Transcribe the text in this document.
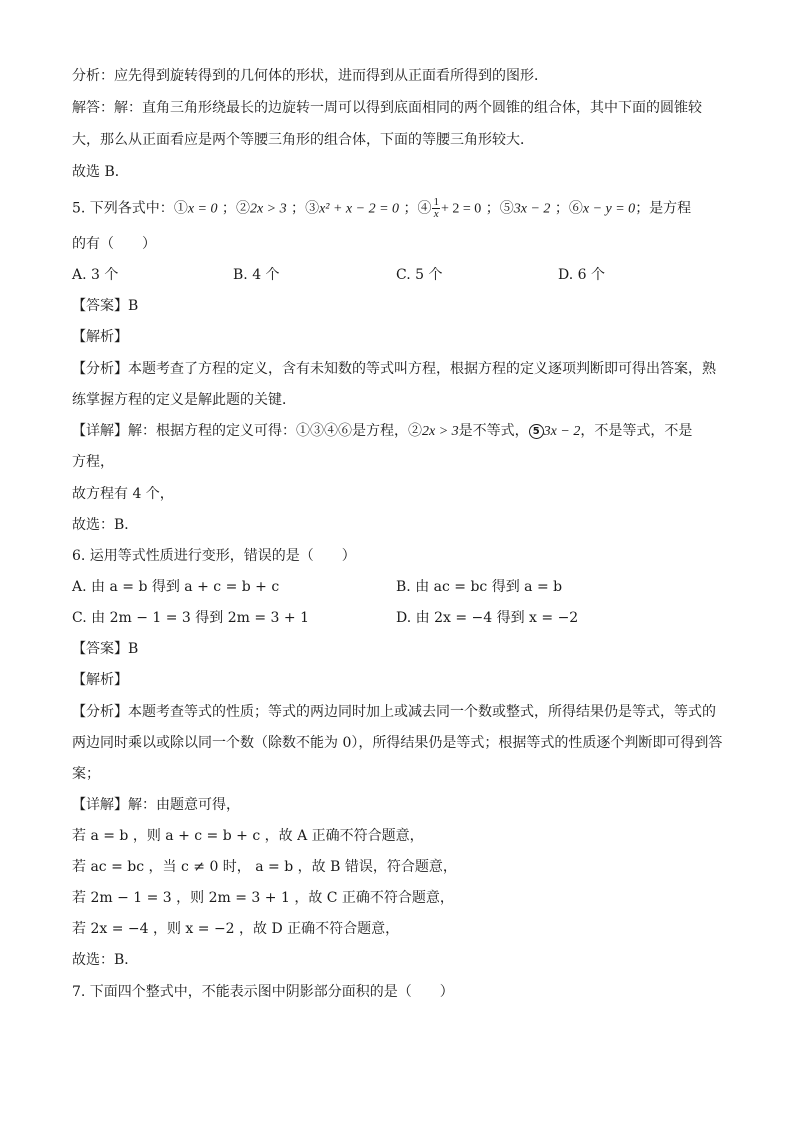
分析：应先得到旋转得到的几何体的形状，进而得到从正面看所得到的图形．
解答：解：直角三角形绕最长的边旋转一周可以得到底面相同的两个圆锥的组合体，其中下面的圆锥较
大，那么从正面看应是两个等腰三角形的组合体，下面的等腰三角形较大．
故选 B．
5. 下列各式中：①x = 0 ；②2x > 3 ；③x² + x − 2 = 0 ；④ $\frac{1}{x} + 2 = 0$ ；⑤3x − 2 ；⑥x − y = 0；是方程
的有（　　）
A. 3 个	B. 4 个	C. 5 个	D. 6 个
【答案】B
【解析】
【分析】本题考查了方程的定义，含有未知数的等式叫方程，根据方程的定义逐项判断即可得出答案，熟
练掌握方程的定义是解此题的关键．
【详解】解：根据方程的定义可得：①③④⑥是方程，②2x > 3是不等式， 5 3x − 2，不是等式，不是
方程，
故方程有 4 个，
故选：B．
6. 运用等式性质进行变形，错误的是（　　）
A. 由 a = b 得到 a + c = b + c	B. 由 ac = bc 得到 a = b
C. 由 2m − 1 = 3 得到 2m = 3 + 1	D. 由 2x = −4 得到 x = −2
【答案】B
【解析】
【分析】本题考查等式的性质；等式的两边同时加上或减去同一个数或整式，所得结果仍是等式，等式的
两边同时乘以或除以同一个数（除数不能为 0），所得结果仍是等式；根据等式的性质逐个判断即可得到答
案；
【详解】解：由题意可得，
若 a = b ，则 a + c = b + c ，故 A 正确不符合题意，
若 ac = bc ，当 c ≠ 0 时， a = b ，故 B 错误，符合题意，
若 2m − 1 = 3 ，则 2m = 3 + 1 ，故 C 正确不符合题意，
若 2x = −4 ，则 x = −2 ，故 D 正确不符合题意，
故选：B．
7. 下面四个整式中，不能表示图中阴影部分面积的是（　　）
